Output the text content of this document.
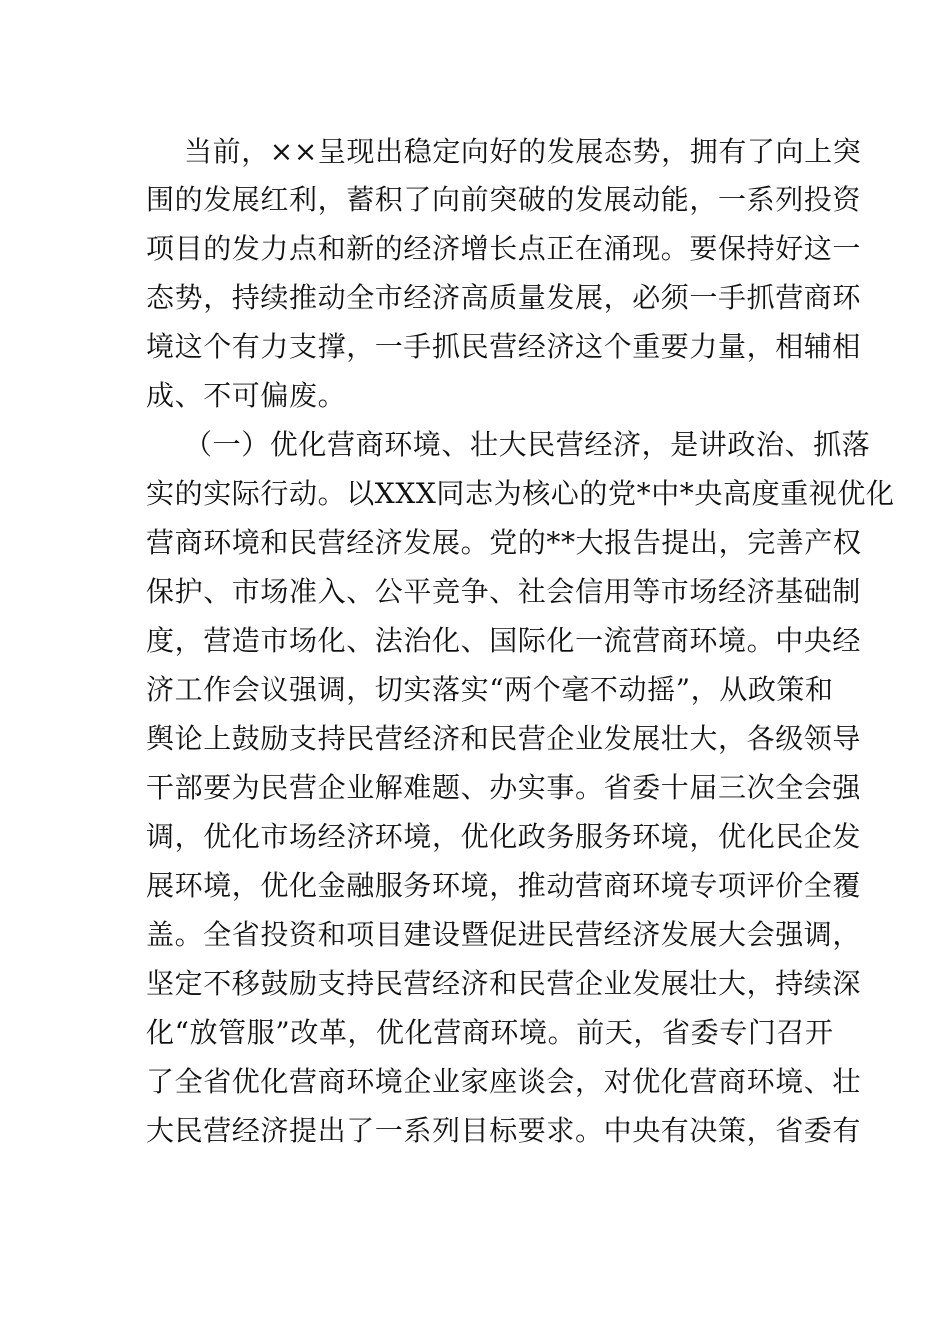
当前，××呈现出稳定向好的发展态势，拥有了向上突
围的发展红利，蓄积了向前突破的发展动能，一系列投资
项目的发力点和新的经济增长点正在涌现。要保持好这一
态势，持续推动全市经济高质量发展，必须一手抓营商环
境这个有力支撑，一手抓民营经济这个重要力量，相辅相
成、不可偏废。
（一）优化营商环境、壮大民营经济，是讲政治、抓落
实的实际行动。以XXX同志为核心的党*中*央高度重视优化
营商环境和民营经济发展。党的**大报告提出，完善产权
保护、市场准入、公平竞争、社会信用等市场经济基础制
度，营造市场化、法治化、国际化一流营商环境。中央经
济工作会议强调，切实落实“两个毫不动摇”，从政策和
舆论上鼓励支持民营经济和民营企业发展壮大，各级领导
干部要为民营企业解难题、办实事。省委十届三次全会强
调，优化市场经济环境，优化政务服务环境，优化民企发
展环境，优化金融服务环境，推动营商环境专项评价全覆
盖。全省投资和项目建设暨促进民营经济发展大会强调，
坚定不移鼓励支持民营经济和民营企业发展壮大，持续深
化“放管服”改革，优化营商环境。前天，省委专门召开
了全省优化营商环境企业家座谈会，对优化营商环境、壮
大民营经济提出了一系列目标要求。中央有决策，省委有
